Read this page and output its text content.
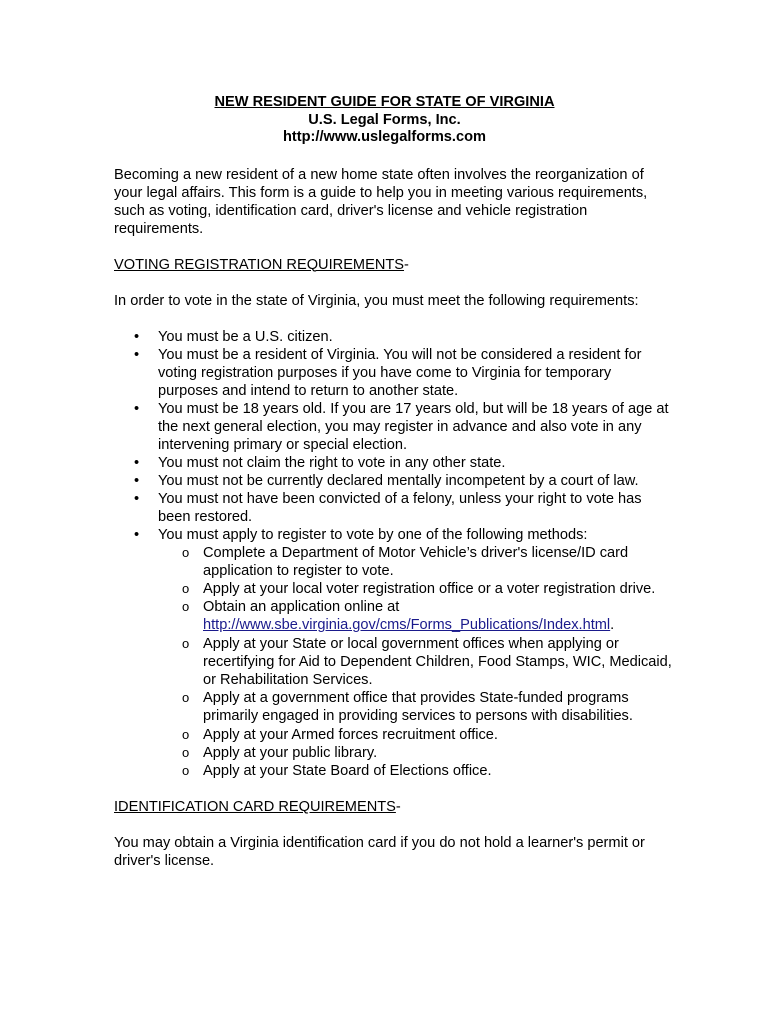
NEW RESIDENT GUIDE FOR STATE OF VIRGINIA
U.S. Legal Forms, Inc.
http://www.uslegalforms.com

Becoming a new resident of a new home state often involves the reorganization of your legal affairs. This form is a guide to help you in meeting various requirements, such as voting, identification card, driver's license and vehicle registration requirements.

VOTING REGISTRATION REQUIREMENTS-

In order to vote in the state of Virginia, you must meet the following requirements:

• You must be a U.S. citizen.
• You must be a resident of Virginia. You will not be considered a resident for voting registration purposes if you have come to Virginia for temporary purposes and intend to return to another state.
• You must be 18 years old. If you are 17 years old, but will be 18 years of age at the next general election, you may register in advance and also vote in any intervening primary or special election.
• You must not claim the right to vote in any other state.
• You must not be currently declared mentally incompetent by a court of law.
• You must not have been convicted of a felony, unless your right to vote has been restored.
• You must apply to register to vote by one of the following methods:
o Complete a Department of Motor Vehicle’s driver's license/ID card application to register to vote.
o Apply at your local voter registration office or a voter registration drive.
o Obtain an application online at
http://www.sbe.virginia.gov/cms/Forms_Publications/Index.html.
o Apply at your State or local government offices when applying or recertifying for Aid to Dependent Children, Food Stamps, WIC, Medicaid, or Rehabilitation Services.
o Apply at a government office that provides State-funded programs primarily engaged in providing services to persons with disabilities.
o Apply at your Armed forces recruitment office.
o Apply at your public library.
o Apply at your State Board of Elections office.

IDENTIFICATION CARD REQUIREMENTS-

You may obtain a Virginia identification card if you do not hold a learner's permit or driver's license.
